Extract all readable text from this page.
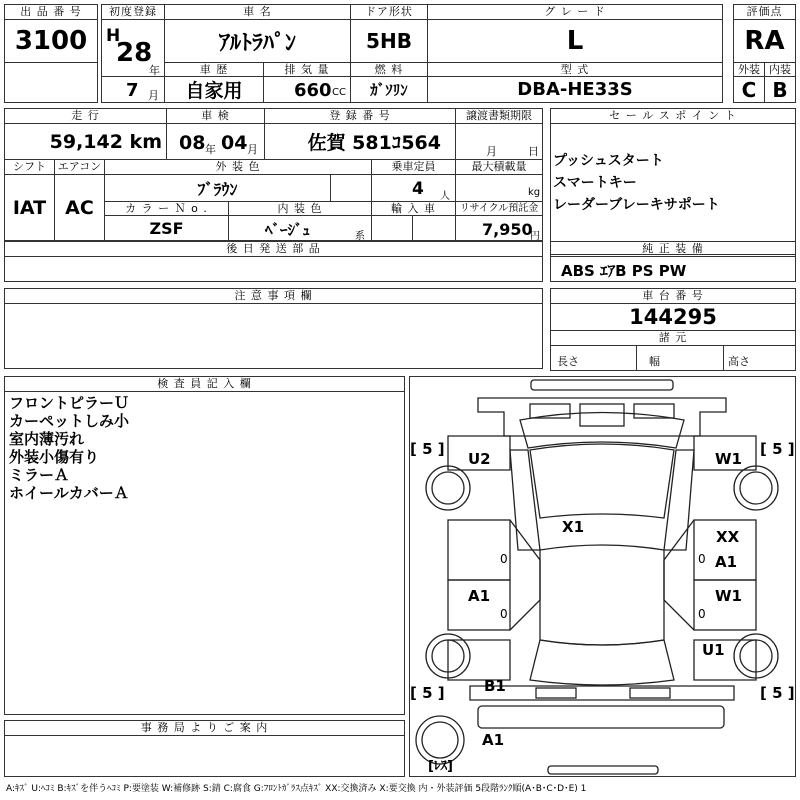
出 品 番 号
3100
初度登録
H
28
年
7 月
車 名
ｱﾙﾄﾗﾊﾟﾝ
ドア形状
5HB
グ レ ー ド
L
評価点
RA
車 歴
自家用
排 気 量
660 CC
燃 料
ｶﾞｿﾘﾝ
型 式
DBA-HE33S
外装 内装
C B
走 行
59,142 km
車 検
08 年 04 月
登 録 番 号
佐賀 581ｺ564
譲渡書類期限
月	日
セ ー ル ス ポ イ ン ト
プッシュスタート
スマートキー
レーダーブレーキサポート
シフト
IAT
エアコン
AC
外 装 色
ﾌﾞﾗｳﾝ
乗車定員
4 人
最大積載量
kg
カ ラ ー Ｎ o .
ZSF
内 装 色
ﾍﾞｰｼﾞｭ	系
輸 入 車	リサイクル預託金
7,950
円
後 日 発 送 部 品	純 正 装 備
ABS ｴｱB PS PW
注 意 事 項 欄	車 台 番 号
144295
諸 元
長さ	幅	高さ
検 査 員 記 入 欄
フロントピラーＵ
カーペットしみ小
室内薄汚れ
外装小傷有り
ミラーＡ
ホイールカバーＡ
事 務 局 よ り ご 案 内
[ 5 ]	[ 5 ]
[ 5 ]	[ 5 ]
[ﾚｽ]
U2	W1
X1
XX
A1
A1	W1
U1
B1
A1
0	0
0	0
A:ｷｽﾞ U:ﾍｺﾐ B:ｷｽﾞを伴うﾍｺﾐ P:要塗装 W:補修跡 S:錆 C:腐食 G:ﾌﾛﾝﾄｶﾞﾗｽ点ｷｽﾞ XX:交換済み X:要交換 内・外装評価 5段階ﾗﾝｸ順(A･B･C･D･E) 1
